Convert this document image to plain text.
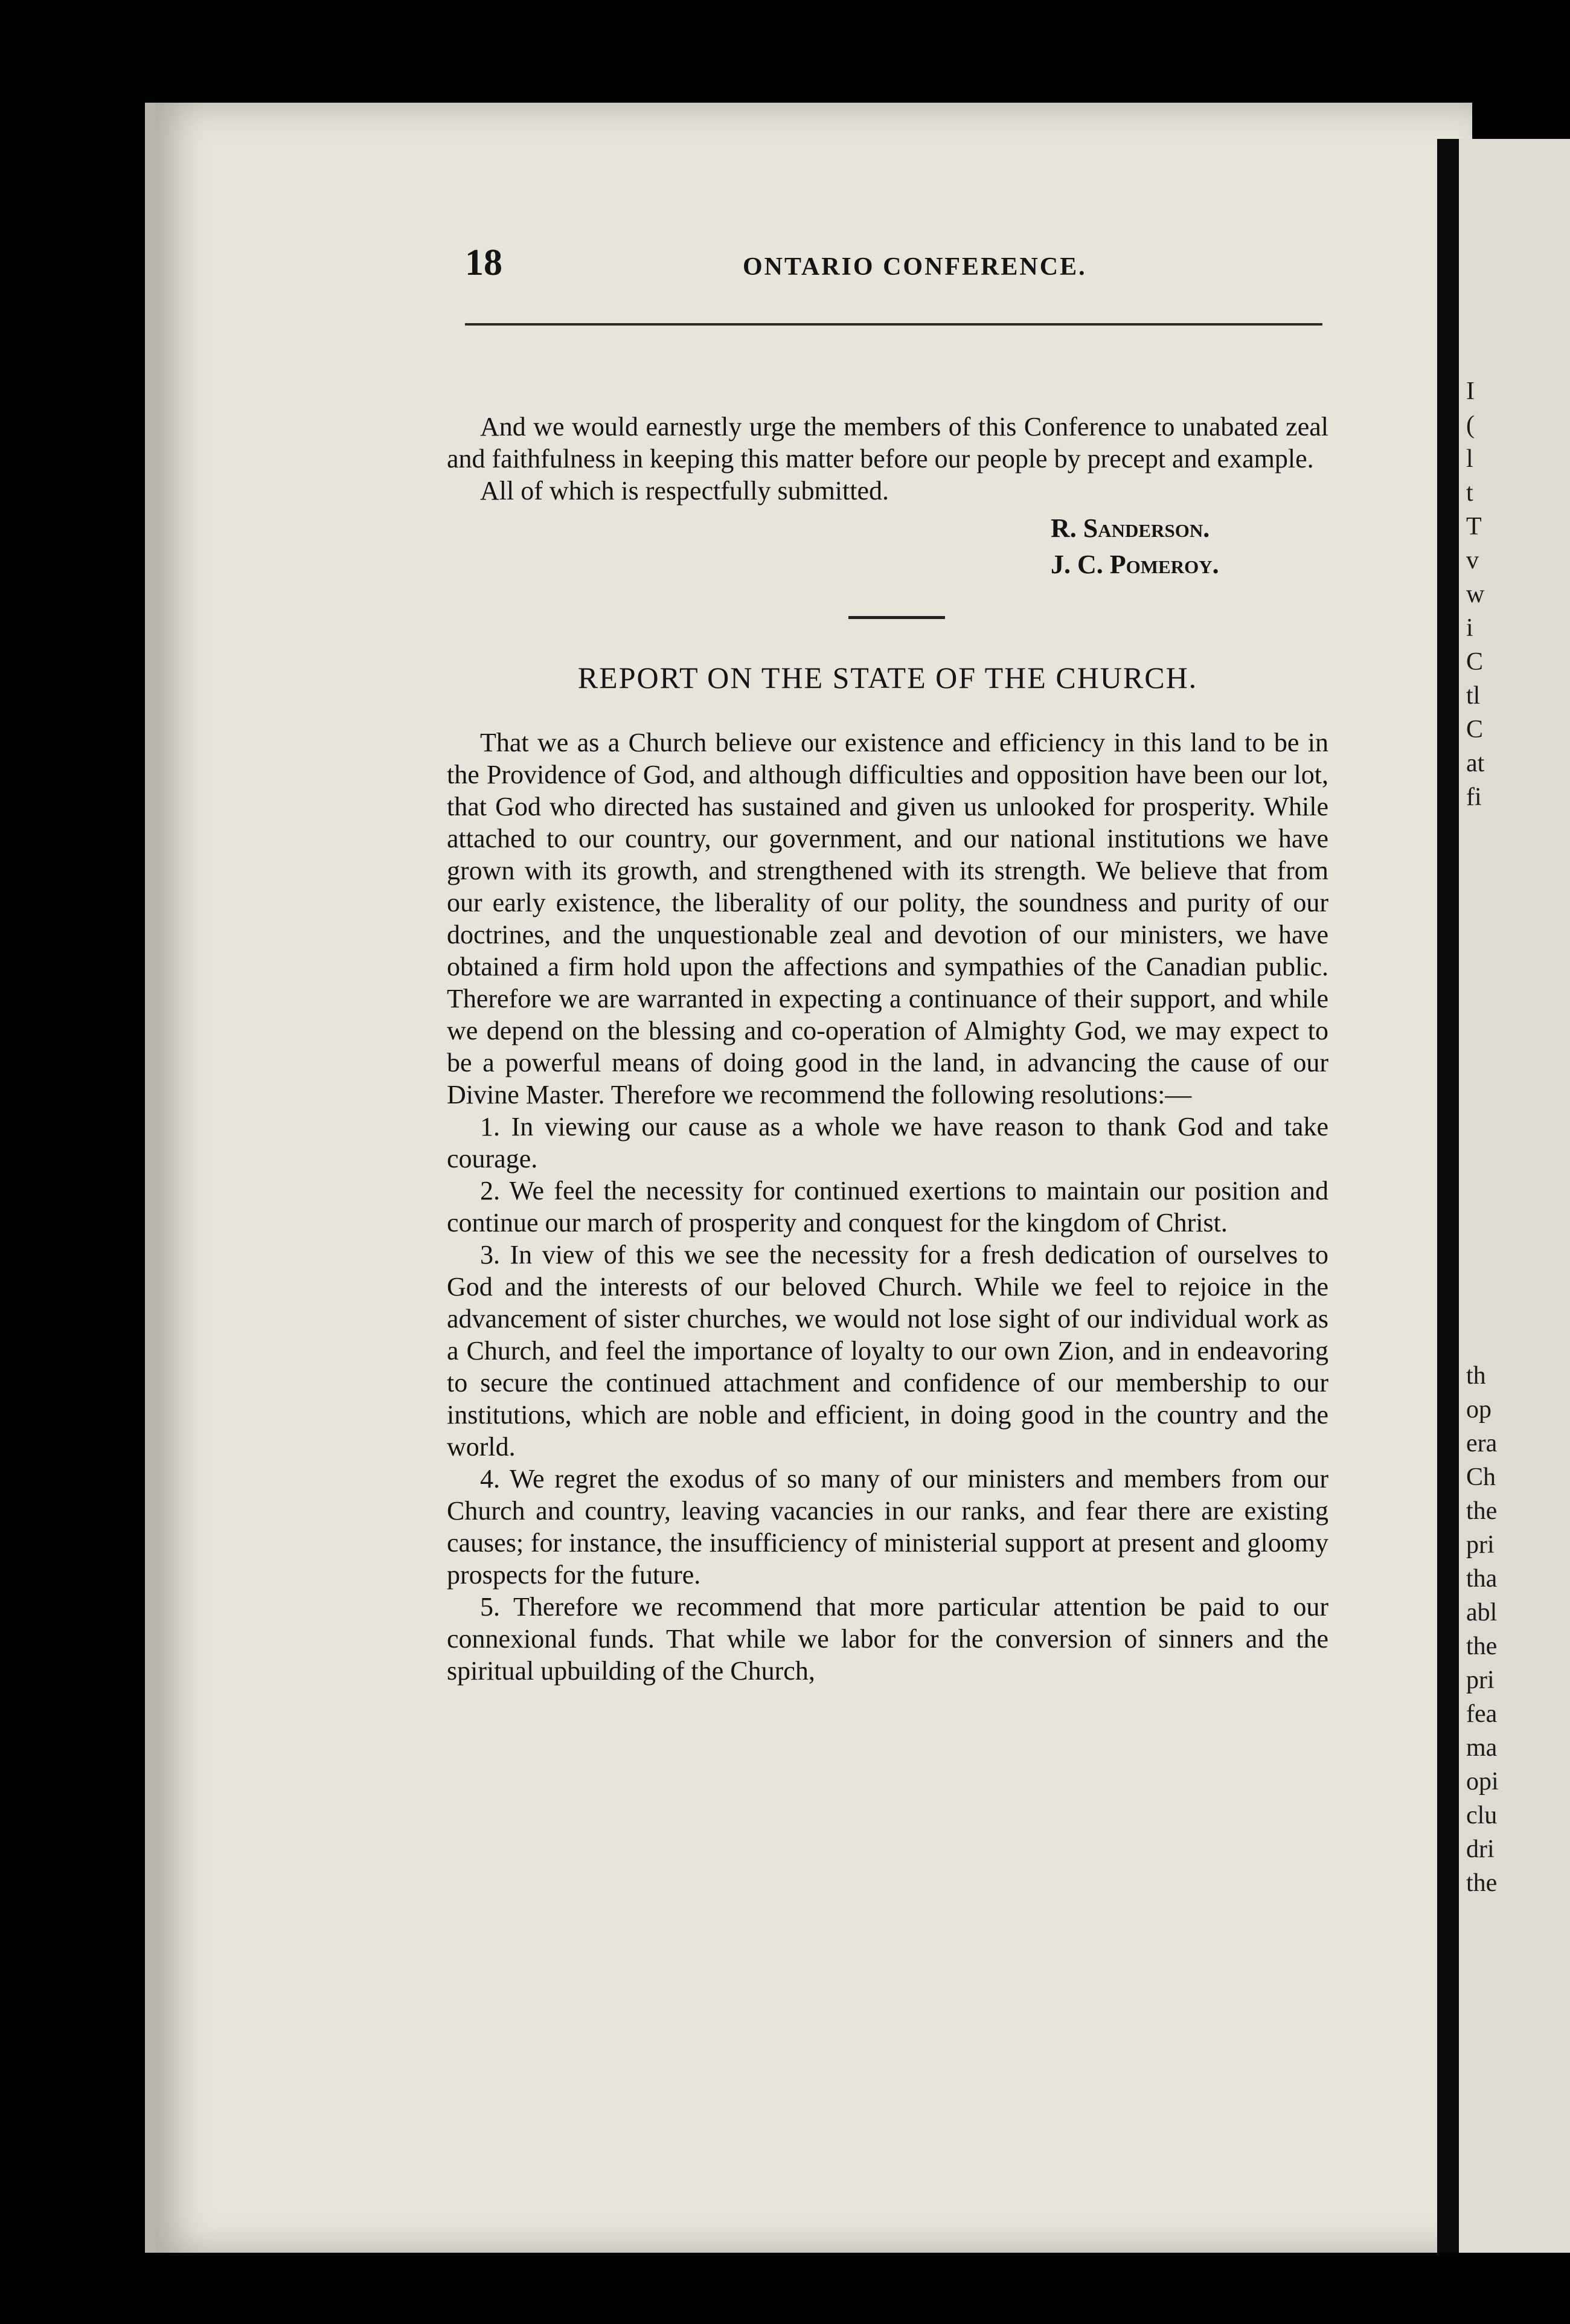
I
(
l
t
T
v
w
i
C
tl
C
at
fi
th
op
era
Ch
the
pri
tha
abl
the
pri
fea
ma
opi
clu
dri
the
18	ONTARIO CONFERENCE.

And we would earnestly urge the members of this Conference to unabated zeal and faithfulness in keeping this matter before our people by precept and example.

All of which is respectfully submitted.

R. Sanderson.
J. C. Pomeroy.
REPORT ON THE STATE OF THE CHURCH.

That we as a Church believe our existence and efficiency in this land to be in the Providence of God, and although difficulties and opposition have been our lot, that God who directed has sustained and given us unlooked for prosperity. While attached to our country, our government, and our national institutions we have grown with its growth, and strengthened with its strength. We believe that from our early existence, the liberality of our polity, the soundness and purity of our doctrines, and the unquestionable zeal and devotion of our ministers, we have obtained a firm hold upon the affections and sympathies of the Canadian public. Therefore we are warranted in expecting a continuance of their support, and while we depend on the blessing and co-operation of Almighty God, we may expect to be a powerful means of doing good in the land, in advancing the cause of our Divine Master. Therefore we recommend the following resolutions:—

1. In viewing our cause as a whole we have reason to thank God and take courage.

2. We feel the necessity for continued exertions to maintain our position and continue our march of prosperity and conquest for the kingdom of Christ.

3. In view of this we see the necessity for a fresh dedication of ourselves to God and the interests of our beloved Church. While we feel to rejoice in the advancement of sister churches, we would not lose sight of our individual work as a Church, and feel the importance of loyalty to our own Zion, and in endeavoring to secure the continued attachment and confidence of our membership to our institutions, which are noble and efficient, in doing good in the country and the world.

4. We regret the exodus of so many of our ministers and members from our Church and country, leaving vacancies in our ranks, and fear there are existing causes; for instance, the insufficiency of ministerial support at present and gloomy prospects for the future.

5. Therefore we recommend that more particular attention be paid to our connexional funds. That while we labor for the conversion of sinners and the spiritual upbuilding of the Church,
